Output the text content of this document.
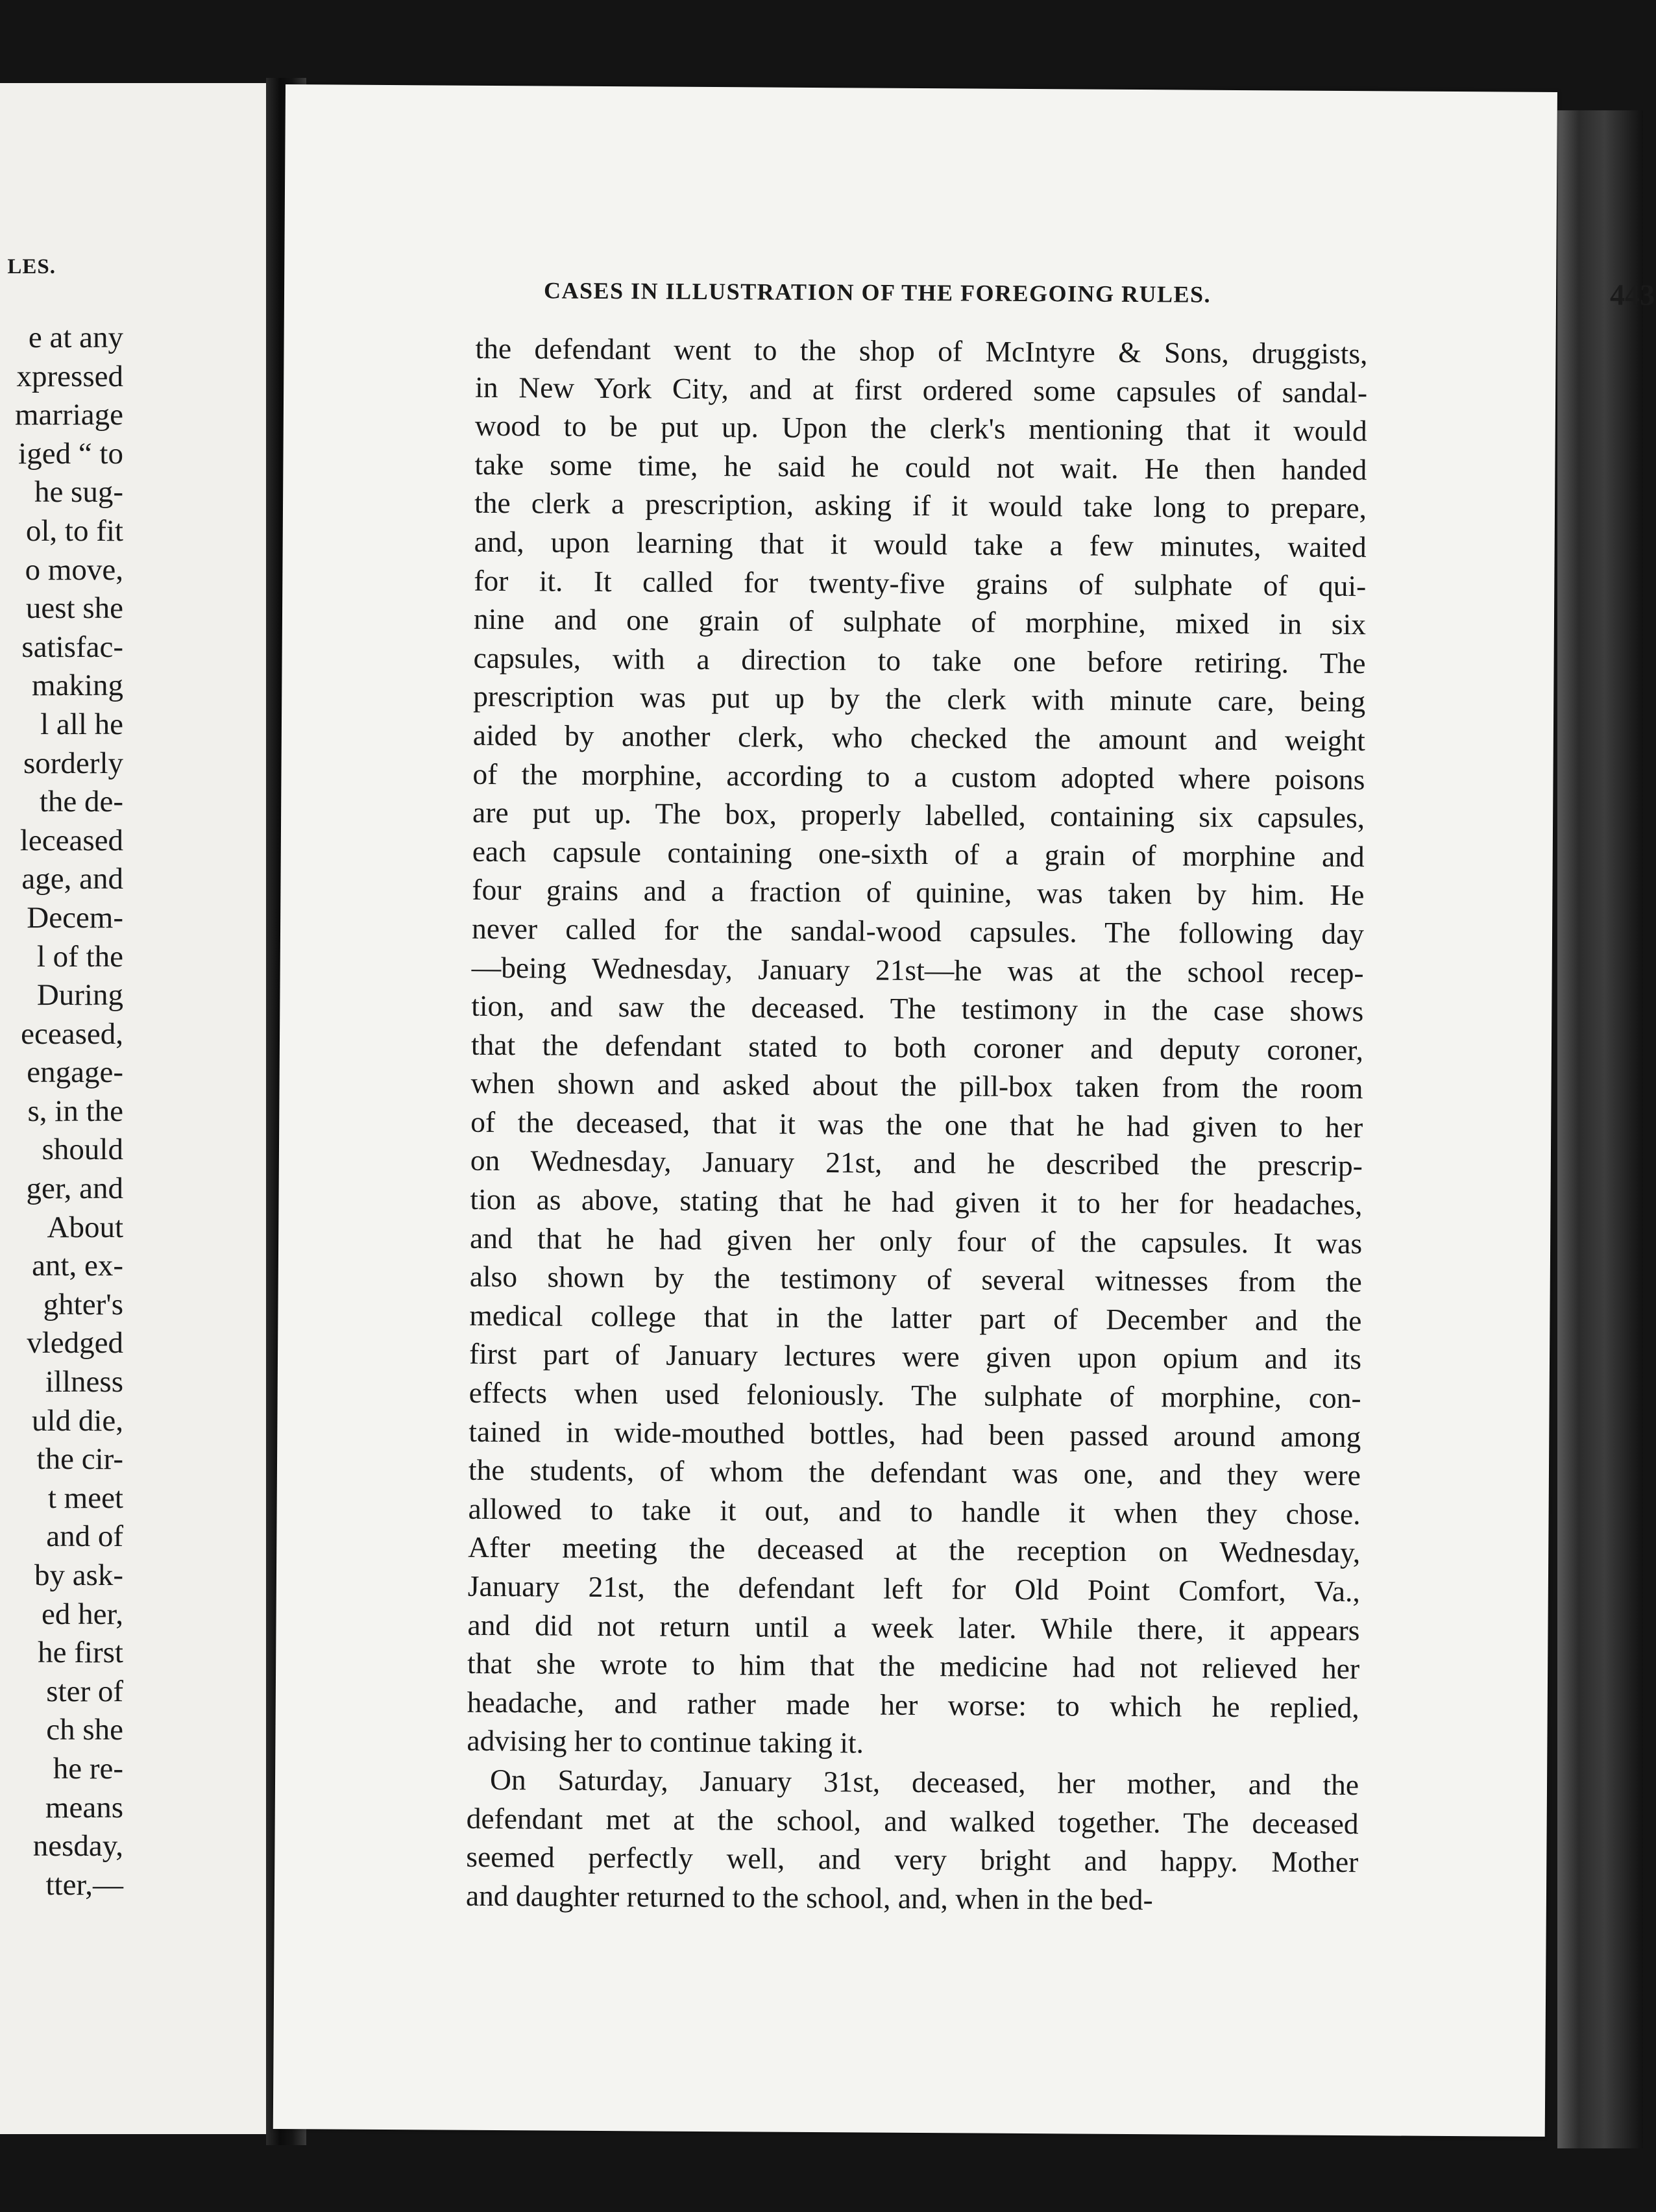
LES.
e at any
xpressed
marriage
iged “ to
he sug-
ol, to fit
o move,
uest she
satisfac-
making
l all he
sorderly
the de-
leceased
age, and
Decem-
l of the
During
eceased,
engage-
s, in the
should
ger, and
About
ant, ex-
ghter's
vledged
illness
uld die,
the cir-
t meet
and of
by ask-
ed her,
he first
ster of
ch she
he re-
means
nesday,
tter,—
CASES IN ILLUSTRATION OF THE FOREGOING RULES.	443
the defendant went to the shop of McIntyre & Sons, druggists,
in New York City, and at first ordered some capsules of sandal-
wood to be put up. Upon the clerk's mentioning that it would
take some time, he said he could not wait. He then handed
the clerk a prescription, asking if it would take long to prepare,
and, upon learning that it would take a few minutes, waited
for it. It called for twenty-five grains of sulphate of qui-
nine and one grain of sulphate of morphine, mixed in six
capsules, with a direction to take one before retiring. The
prescription was put up by the clerk with minute care, being
aided by another clerk, who checked the amount and weight
of the morphine, according to a custom adopted where poisons
are put up. The box, properly labelled, containing six capsules,
each capsule containing one-sixth of a grain of morphine and
four grains and a fraction of quinine, was taken by him. He
never called for the sandal-wood capsules. The following day
—being Wednesday, January 21st—he was at the school recep-
tion, and saw the deceased. The testimony in the case shows
that the defendant stated to both coroner and deputy coroner,
when shown and asked about the pill-box taken from the room
of the deceased, that it was the one that he had given to her
on Wednesday, January 21st, and he described the prescrip-
tion as above, stating that he had given it to her for headaches,
and that he had given her only four of the capsules. It was
also shown by the testimony of several witnesses from the
medical college that in the latter part of December and the
first part of January lectures were given upon opium and its
effects when used feloniously. The sulphate of morphine, con-
tained in wide-mouthed bottles, had been passed around among
the students, of whom the defendant was one, and they were
allowed to take it out, and to handle it when they chose.
After meeting the deceased at the reception on Wednesday,
January 21st, the defendant left for Old Point Comfort, Va.,
and did not return until a week later. While there, it appears
that she wrote to him that the medicine had not relieved her
headache, and rather made her worse: to which he replied,
advising her to continue taking it.
On Saturday, January 31st, deceased, her mother, and the
defendant met at the school, and walked together. The deceased
seemed perfectly well, and very bright and happy. Mother
and daughter returned to the school, and, when in the bed-
